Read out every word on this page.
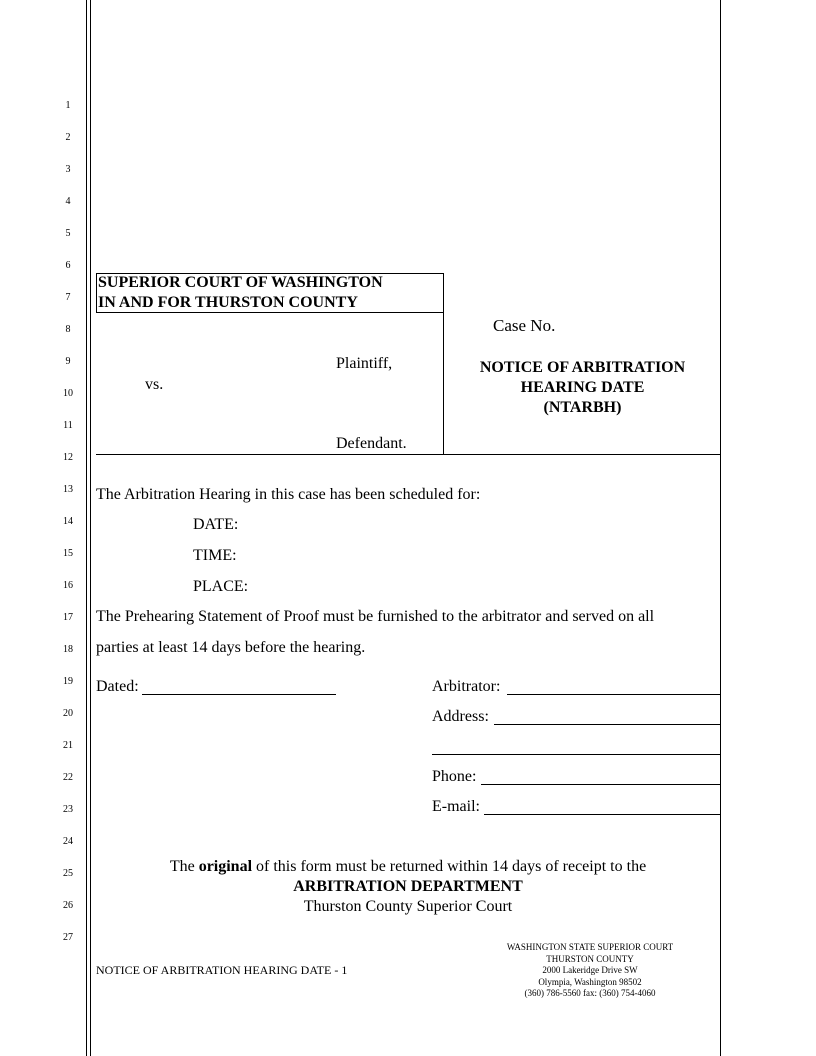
1
2
3
4
5
6
7
8
9
10
11
12
13
14
15
16
17
18
19
20
21
22
23
24
25
26
27
SUPERIOR COURT OF WASHINGTON
IN AND FOR THURSTON COUNTY
Plaintiff,
vs.
Defendant.
Case No.
NOTICE OF ARBITRATION
HEARING DATE
(NTARBH)
The Arbitration Hearing in this case has been scheduled for:
DATE:
TIME:
PLACE:
The Prehearing Statement of Proof must be furnished to the arbitrator and served on all
parties at least 14 days before the hearing.
Dated:	Arbitrator:
Address:
Phone:
E-mail:
The original of this form must be returned within 14 days of receipt to the
ARBITRATION DEPARTMENT
Thurston County Superior Court
NOTICE OF ARBITRATION HEARING DATE - 1
WASHINGTON STATE SUPERIOR COURT
THURSTON COUNTY
2000 Lakeridge Drive SW
Olympia, Washington 98502
(360) 786-5560 fax: (360) 754-4060
